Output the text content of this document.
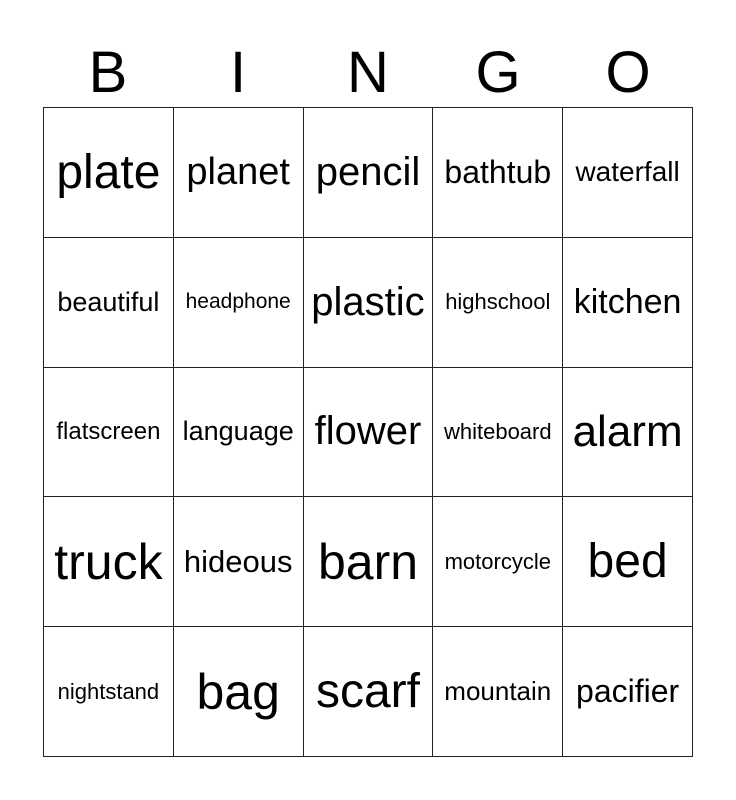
B	I	N	G	O
plate planet pencil bathtub waterfall
beautiful	headphone plastic highschool kitchen
flatscreen language flower	whiteboard alarm
truck hideous barn	motorcycle bed
nightstand bag scarf mountain pacifier
